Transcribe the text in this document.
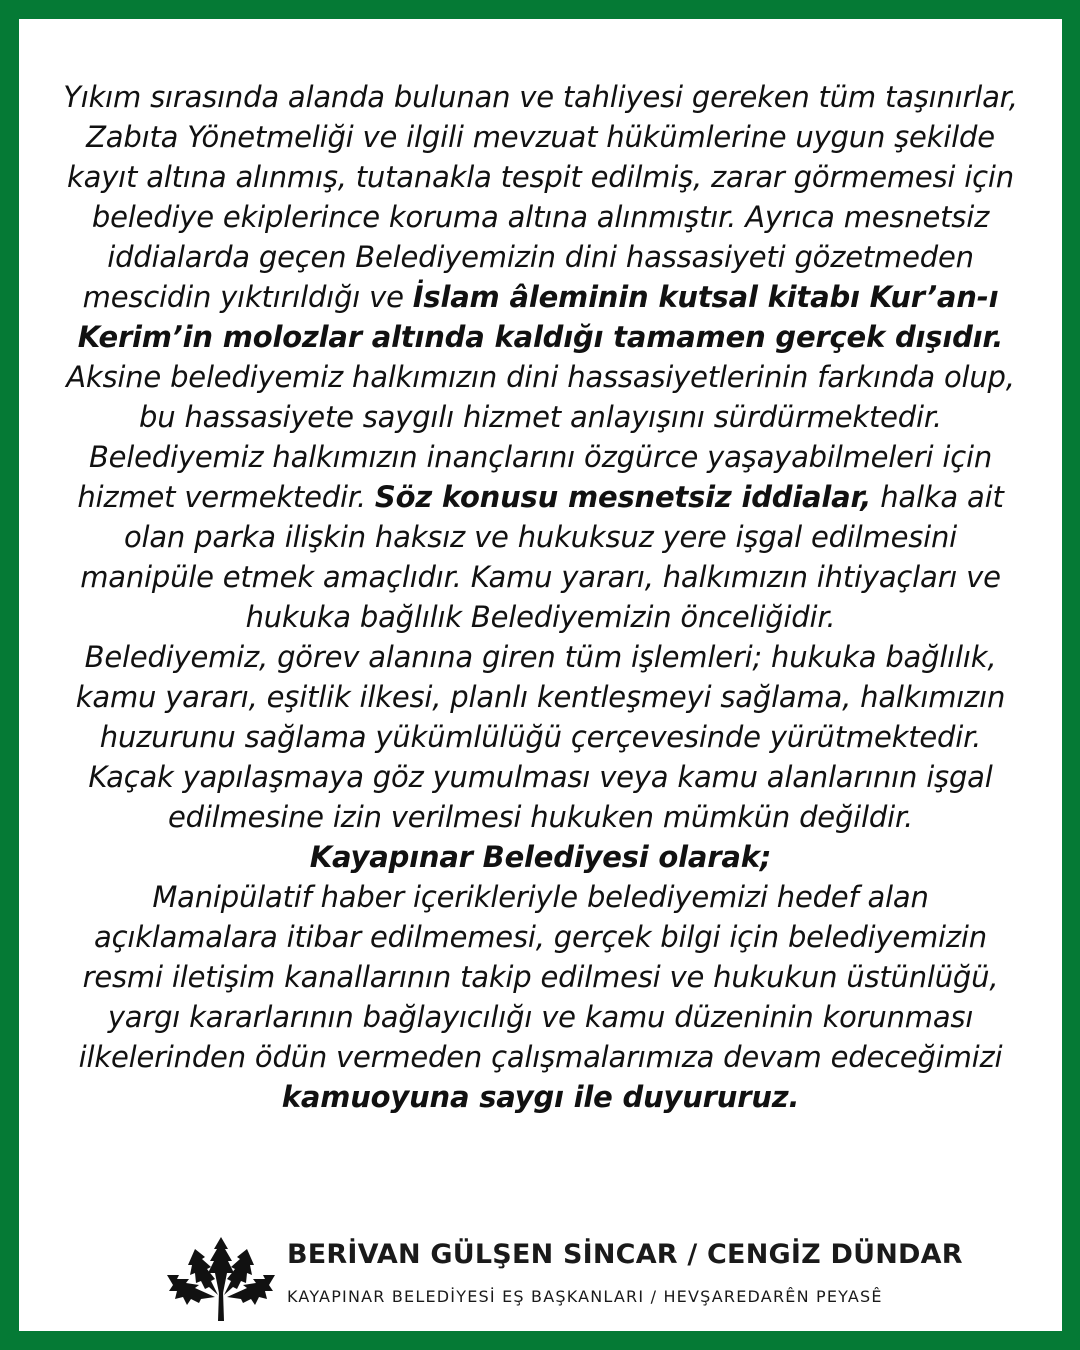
Yıkım sırasında alanda bulunan ve tahliyesi gereken tüm taşınırlar, Zabıta Yönetmeliği ve ilgili mevzuat hükümlerine uygun şekilde kayıt altına alınmış, tutanakla tespit edilmiş, zarar görmemesi için belediye ekiplerince koruma altına alınmıştır. Ayrıca mesnetsiz iddialarda geçen Belediyemizin dini hassasiyeti gözetmeden mescidin yıktırıldığı ve İslam âleminin kutsal kitabı Kur’an-ı Kerim’in molozlar altında kaldığı tamamen gerçek dışıdır. Aksine belediyemiz halkımızın dini hassasiyetlerinin farkında olup, bu hassasiyete saygılı hizmet anlayışını sürdürmektedir. Belediyemiz halkımızın inançlarını özgürce yaşayabilmeleri için hizmet vermektedir. Söz konusu mesnetsiz iddialar, halka ait olan parka ilişkin haksız ve hukuksuz yere işgal edilmesini manipüle etmek amaçlıdır. Kamu yararı, halkımızın ihtiyaçları ve hukuka bağlılık Belediyemizin önceliğidir.

Belediyemiz, görev alanına giren tüm işlemleri; hukuka bağlılık, kamu yararı, eşitlik ilkesi, planlı kentleşmeyi sağlama, halkımızın huzurunu sağlama yükümlülüğü çerçevesinde yürütmektedir. Kaçak yapılaşmaya göz yumulması veya kamu alanlarının işgal edilmesine izin verilmesi hukuken mümkün değildir.

Kayapınar Belediyesi olarak;

Manipülatif haber içerikleriyle belediyemizi hedef alan açıklamalara itibar edilmemesi, gerçek bilgi için belediyemizin resmi iletişim kanallarının takip edilmesi ve hukukun üstünlüğü, yargı kararlarının bağlayıcılığı ve kamu düzeninin korunması ilkelerinden ödün vermeden çalışmalarımıza devam edeceğimizi kamuoyuna saygı ile duyururuz.

BERİVAN GÜLŞEN SİNCAR / CENGİZ DÜNDAR
KAYAPINAR BELEDİYESİ EŞ BAŞKANLARI / HEVŞAREDARÊN PEYASÊ
